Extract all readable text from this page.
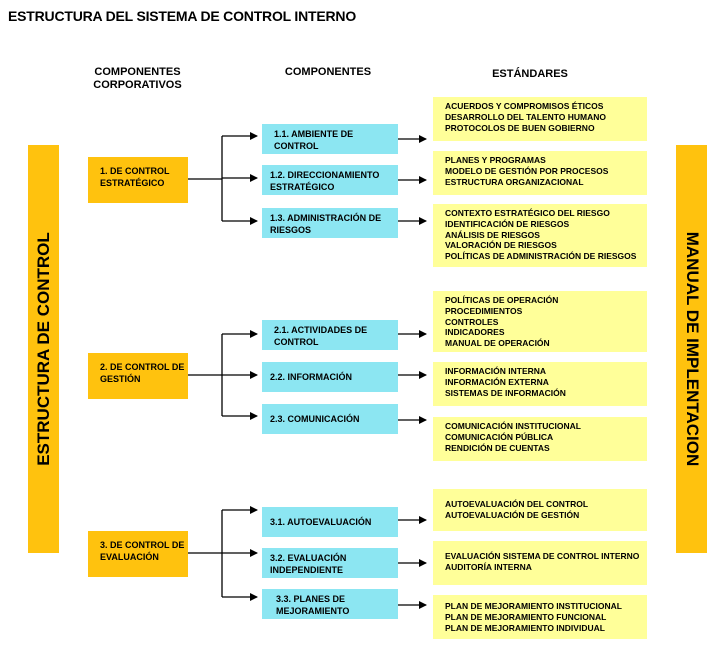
ESTRUCTURA DEL SISTEMA DE CONTROL INTERNO
COMPONENTES CORPORATIVOS
COMPONENTES	ESTÁNDARES
ESTRUCTURA DE CONTROL	MANUAL DE IMPLENTACION
1. DE CONTROL ESTRATÉGICO
2. DE CONTROL DE GESTIÓN
3. DE CONTROL DE EVALUACIÓN
1.1. AMBIENTE DE CONTROL
1.2. DIRECCIONAMIENTO ESTRATÉGICO
1.3. ADMINISTRACIÓN DE RIESGOS
2.1. ACTIVIDADES DE CONTROL
2.2. INFORMACIÓN
2.3. COMUNICACIÓN
3.1. AUTOEVALUACIÓN
3.2. EVALUACIÓN INDEPENDIENTE
3.3. PLANES DE MEJORAMIENTO
ACUERDOS Y COMPROMISOS ÉTICOS
DESARROLLO DEL TALENTO HUMANO
PROTOCOLOS DE BUEN GOBIERNO
PLANES Y PROGRAMAS
MODELO DE GESTIÓN POR PROCESOS
ESTRUCTURA ORGANIZACIONAL
CONTEXTO ESTRATÉGICO DEL RIESGO
IDENTIFICACIÓN DE RIESGOS
ANÁLISIS DE RIESGOS
VALORACIÓN DE RIESGOS
POLÍTICAS DE ADMINISTRACIÓN DE RIESGOS
POLÍTICAS DE OPERACIÓN
PROCEDIMIENTOS
CONTROLES
INDICADORES
MANUAL DE OPERACIÓN
INFORMACIÓN INTERNA
INFORMACIÓN EXTERNA
SISTEMAS DE INFORMACIÓN
COMUNICACIÓN INSTITUCIONAL
COMUNICACIÓN PÚBLICA
RENDICIÓN DE CUENTAS
AUTOEVALUACIÓN DEL CONTROL
AUTOEVALUACIÓN DE GESTIÓN
EVALUACIÓN SISTEMA DE CONTROL INTERNO
AUDITORÍA INTERNA
PLAN DE MEJORAMIENTO INSTITUCIONAL
PLAN DE MEJORAMIENTO FUNCIONAL
PLAN DE MEJORAMIENTO INDIVIDUAL
